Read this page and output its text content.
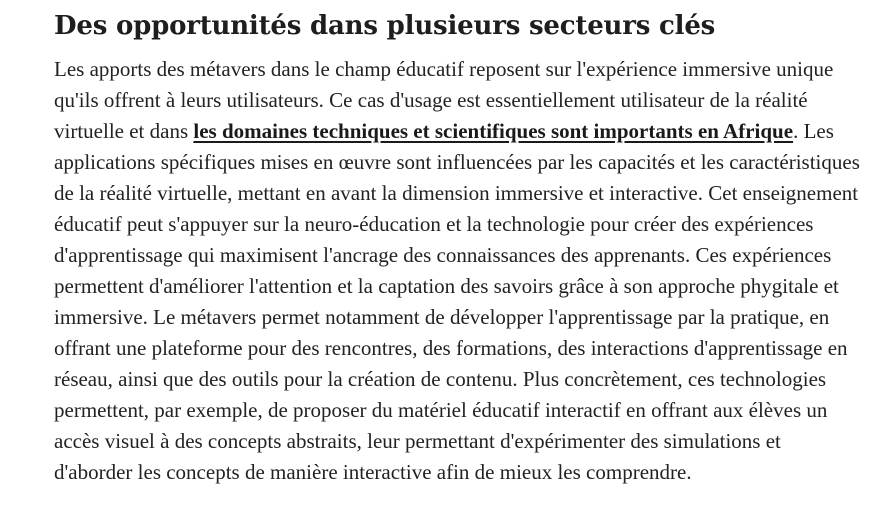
Des opportunités dans plusieurs secteurs clés

Les apports des métavers dans le champ éducatif reposent sur l'expérience immersive unique qu'ils offrent à leurs utilisateurs. Ce cas d'usage est essentiellement utilisateur de la réalité virtuelle et dans les domaines techniques et scientifiques sont importants en Afrique. Les applications spécifiques mises en œuvre sont influencées par les capacités et les caractéristiques de la réalité virtuelle, mettant en avant la dimension immersive et interactive. Cet enseignement éducatif peut s'appuyer sur la neuro-éducation et la technologie pour créer des expériences d'apprentissage qui maximisent l'ancrage des connaissances des apprenants. Ces expériences permettent d'améliorer l'attention et la captation des savoirs grâce à son approche phygitale et immersive. Le métavers permet notamment de développer l'apprentissage par la pratique, en offrant une plateforme pour des rencontres, des formations, des interactions d'apprentissage en réseau, ainsi que des outils pour la création de contenu. Plus concrètement, ces technologies permettent, par exemple, de proposer du matériel éducatif interactif en offrant aux élèves un accès visuel à des concepts abstraits, leur permettant d'expérimenter des simulations et d'aborder les concepts de manière interactive afin de mieux les comprendre.
